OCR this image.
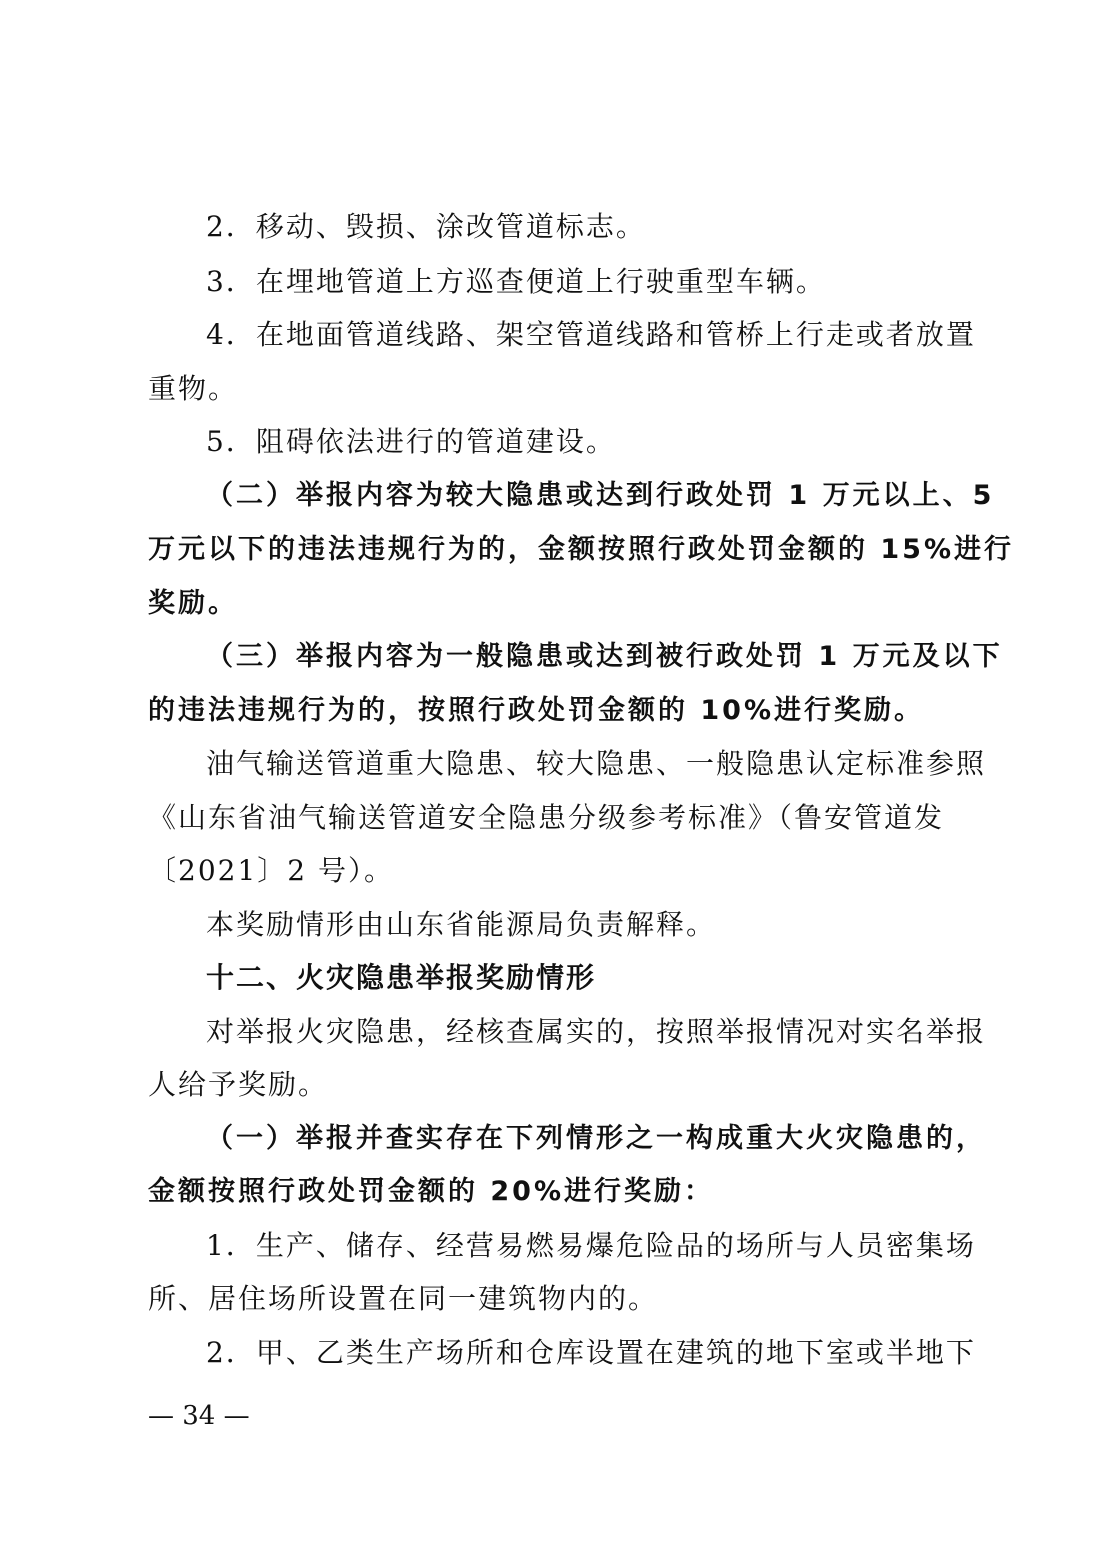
2．移动、毁损、涂改管道标志。
3．在埋地管道上方巡查便道上行驶重型车辆。
4．在地面管道线路、架空管道线路和管桥上行走或者放置
重物。
5．阻碍依法进行的管道建设。
（二）举报内容为较大隐患或达到行政处罚 1 万元以上、5
万元以下的违法违规行为的，金额按照行政处罚金额的 15%进行
奖励。
（三）举报内容为一般隐患或达到被行政处罚 1 万元及以下
的违法违规行为的，按照行政处罚金额的 10%进行奖励。
油气输送管道重大隐患、较大隐患、一般隐患认定标准参照
《山东省油气输送管道安全隐患分级参考标准》（鲁安管道发
〔2021〕2 号）。
本奖励情形由山东省能源局负责解释。
十二、火灾隐患举报奖励情形
对举报火灾隐患，经核查属实的，按照举报情况对实名举报
人给予奖励。
（一）举报并查实存在下列情形之一构成重大火灾隐患的，
金额按照行政处罚金额的 20%进行奖励：
1．生产、储存、经营易燃易爆危险品的场所与人员密集场
所、居住场所设置在同一建筑物内的。
2．甲、乙类生产场所和仓库设置在建筑的地下室或半地下
— 34 —
